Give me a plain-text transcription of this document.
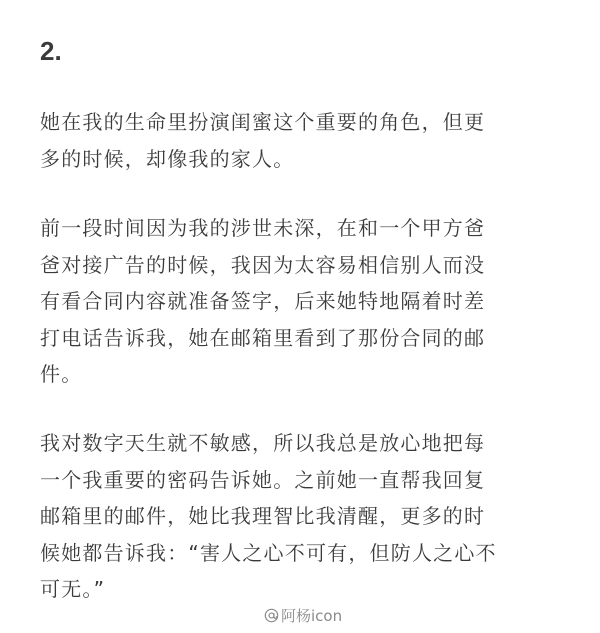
2.

她在我的生命里扮演闺蜜这个重要的角色，但更
多的时候，却像我的家人。

前一段时间因为我的涉世未深，在和一个甲方爸
爸对接广告的时候，我因为太容易相信别人而没
有看合同内容就准备签字，后来她特地隔着时差
打电话告诉我，她在邮箱里看到了那份合同的邮
件。

我对数字天生就不敏感，所以我总是放心地把每
一个我重要的密码告诉她。之前她一直帮我回复
邮箱里的邮件，她比我理智比我清醒，更多的时
候她都告诉我：“害人之心不可有，但防人之心不
可无。”

阿杨icon
